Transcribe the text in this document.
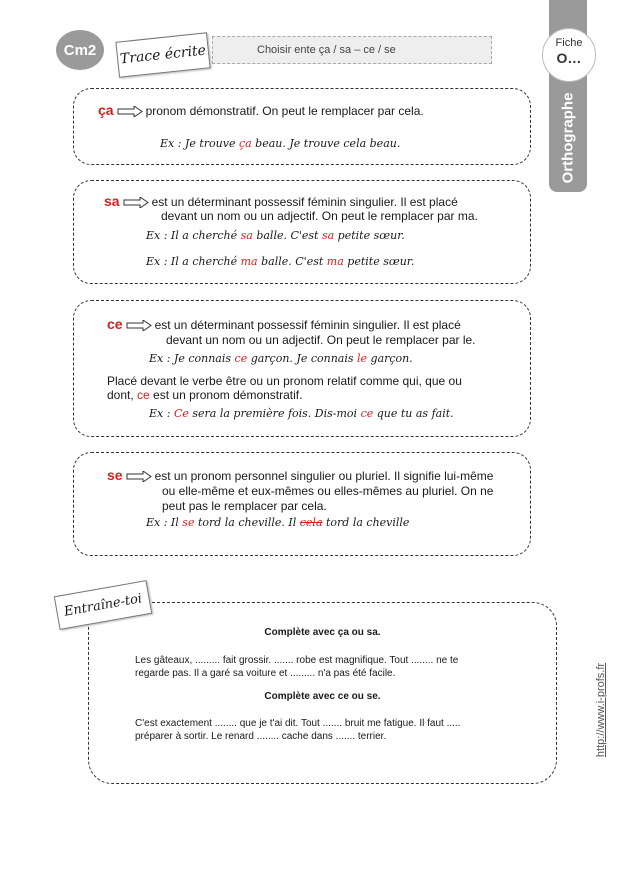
Cm2	Trace écrite	Choisir ente ça / sa – ce / se
Orthographe
Fiche
O…
ça	pronom démonstratif. On peut le remplacer par cela.
Ex : Je trouve ça beau. Je trouve cela beau.
sa	est un déterminant possessif féminin singulier. Il est placé
devant un nom ou un adjectif. On peut le remplacer par ma.
Ex : Il a cherché sa balle. C'est sa petite sœur.
Ex : Il a cherché ma balle. C'est ma petite sœur.
ce	est un déterminant possessif féminin singulier. Il est placé
devant un nom ou un adjectif. On peut le remplacer par le.
Ex : Je connais ce garçon. Je connais le garçon.
Placé devant le verbe être ou un pronom relatif comme qui, que ou
dont, ce est un pronom démonstratif.
Ex : Ce sera la première fois. Dis-moi ce que tu as fait.
se	est un pronom personnel singulier ou pluriel. Il signifie lui-même
ou elle-même et eux-mêmes ou elles-mêmes au pluriel. On ne
peut pas le remplacer par cela.
Ex : Il se tord la cheville. Il cela tord la cheville
Entraîne-toi
Complète avec ça ou sa.
Les gâteaux, ......... fait grossir. ....... robe est magnifique. Tout ........ ne te
regarde pas. Il a garé sa voiture et ......... n'a pas été facile.
Complète avec ce ou se.
C'est exactement ........ que je t'ai dit. Tout ....... bruit me fatigue. Il faut .....
préparer à sortir. Le renard ........ cache dans ....... terrier.	http://www.i-profs.fr
